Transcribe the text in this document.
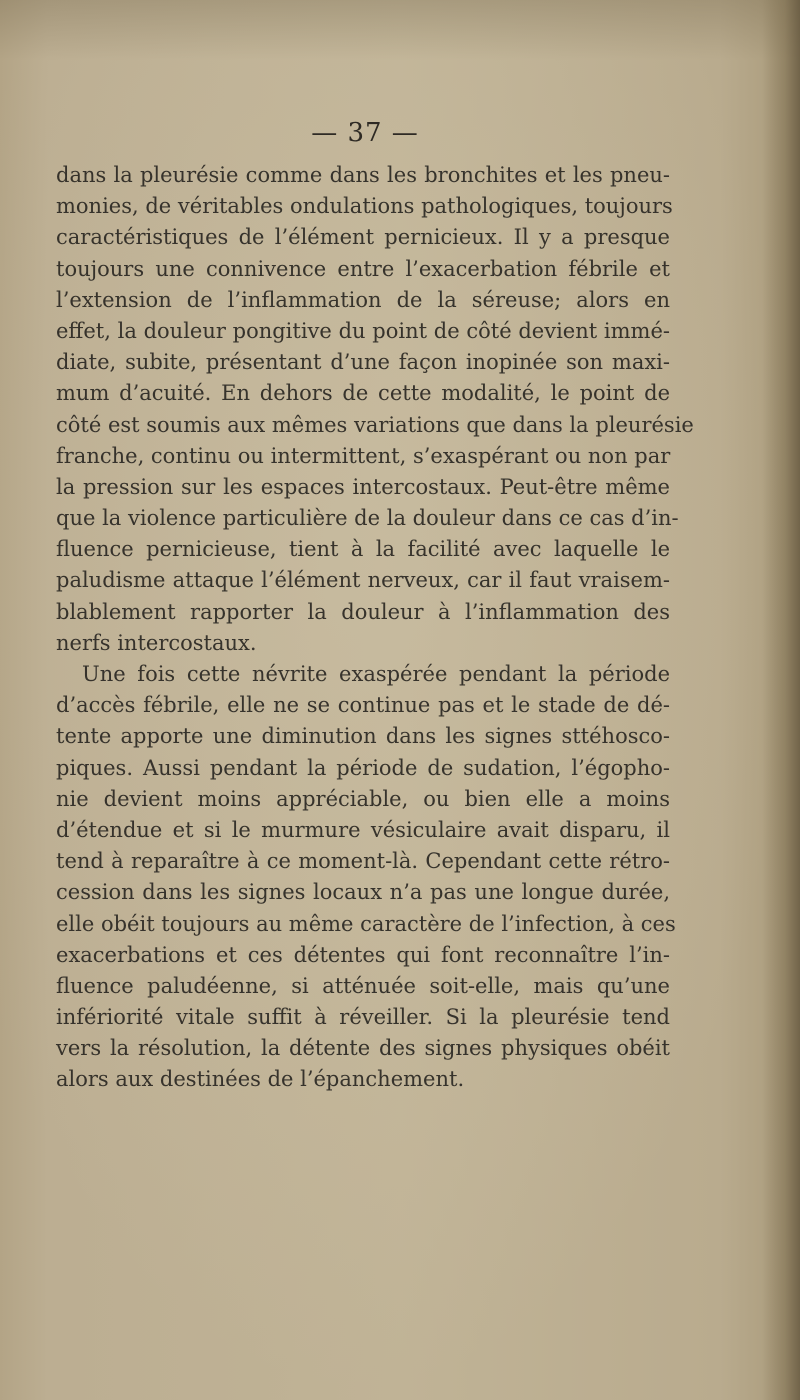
— 37 —
dans la pleurésie comme dans les bronchites et les pneu-
monies, de véritables ondulations pathologiques, toujours
caractéristiques de l’élément pernicieux. Il y a presque
toujours une connivence entre l’exacerbation fébrile et
l’extension de l’inflammation de la séreuse; alors en
effet, la douleur pongitive du point de côté devient immé-
diate, subite, présentant d’une façon inopinée son maxi-
mum d’acuité. En dehors de cette modalité, le point de
côté est soumis aux mêmes variations que dans la pleurésie
franche, continu ou intermittent, s’exaspérant ou non par
la pression sur les espaces intercostaux. Peut-être même
que la violence particulière de la douleur dans ce cas d’in-
fluence pernicieuse, tient à la facilité avec laquelle le
paludisme attaque l’élément nerveux, car il faut vraisem-
blablement rapporter la douleur à l’inflammation des
nerfs intercostaux.
Une fois cette névrite exaspérée pendant la période
d’accès fébrile, elle ne se continue pas et le stade de dé-
tente apporte une diminution dans les signes sttéhosco-
piques. Aussi pendant la période de sudation, l’égopho-
nie devient moins appréciable, ou bien elle a moins
d’étendue et si le murmure vésiculaire avait disparu, il
tend à reparaître à ce moment-là. Cependant cette rétro-
cession dans les signes locaux n’a pas une longue durée,
elle obéit toujours au même caractère de l’infection, à ces
exacerbations et ces détentes qui font reconnaître l’in-
fluence paludéenne, si atténuée soit-elle, mais qu’une
infériorité vitale suffit à réveiller. Si la pleurésie tend
vers la résolution, la détente des signes physiques obéit
alors aux destinées de l’épanchement.
